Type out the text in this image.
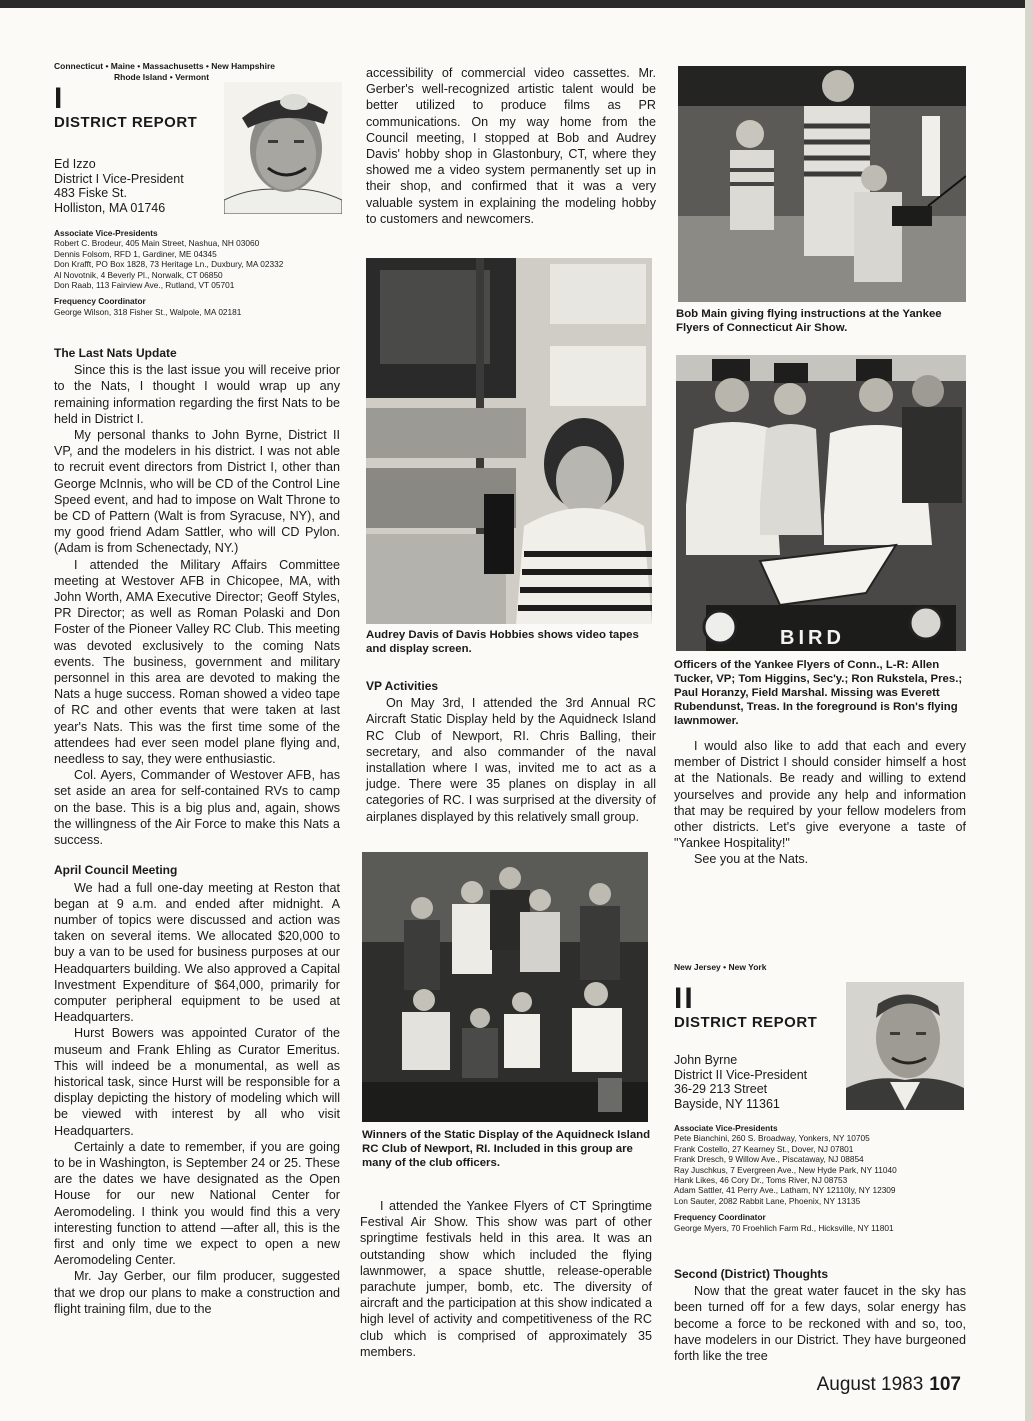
Connecticut • Maine • Massachusetts • New Hampshire
Rhode Island • Vermont
I
DISTRICT REPORT
Ed Izzo
District I Vice-President
483 Fiske St.
Holliston, MA 01746
Associate Vice-Presidents
Robert C. Brodeur, 405 Main Street, Nashua, NH 03060
Dennis Folsom, RFD 1, Gardiner, ME 04345
Don Krafft, PO Box 1828, 73 Heritage Ln., Duxbury, MA 02332
Al Novotnik, 4 Beverly Pl., Norwalk, CT 06850
Don Raab, 113 Fairview Ave., Rutland, VT 05701
Frequency Coordinator
George Wilson, 318 Fisher St., Walpole, MA 02181
The Last Nats Update

Since this is the last issue you will receive prior to the Nats, I thought I would wrap up any remaining information regarding the first Nats to be held in District I.

My personal thanks to John Byrne, District II VP, and the modelers in his district. I was not able to recruit event directors from District I, other than George McInnis, who will be CD of the Control Line Speed event, and had to impose on Walt Throne to be CD of Pattern (Walt is from Syracuse, NY), and my good friend Adam Sattler, who will CD Pylon. (Adam is from Schenectady, NY.)

I attended the Military Affairs Committee meeting at Westover AFB in Chicopee, MA, with John Worth, AMA Executive Director; Geoff Styles, PR Director; as well as Roman Polaski and Don Foster of the Pioneer Valley RC Club. This meeting was devoted exclusively to the coming Nats events. The business, government and military personnel in this area are devoted to making the Nats a huge success. Roman showed a video tape of RC and other events that were taken at last year's Nats. This was the first time some of the attendees had ever seen model plane flying and, needless to say, they were enthusiastic.

Col. Ayers, Commander of Westover AFB, has set aside an area for self-contained RVs to camp on the base. This is a big plus and, again, shows the willingness of the Air Force to make this Nats a success.

April Council Meeting

We had a full one-day meeting at Reston that began at 9 a.m. and ended after midnight. A number of topics were discussed and action was taken on several items. We allocated $20,000 to buy a van to be used for business purposes at our Headquarters building. We also approved a Capital Investment Expenditure of $64,000, primarily for computer peripheral equipment to be used at Headquarters.

Hurst Bowers was appointed Curator of the museum and Frank Ehling as Curator Emeritus. This will indeed be a monumental, as well as historical task, since Hurst will be responsible for a display depicting the history of modeling which will be viewed with interest by all who visit Headquarters.

Certainly a date to remember, if you are going to be in Washington, is September 24 or 25. These are the dates we have designated as the Open House for our new National Center for Aeromodeling. I think you would find this a very interesting function to attend —after all, this is the first and only time we expect to open a new Aeromodeling Center.

Mr. Jay Gerber, our film producer, suggested that we drop our plans to make a construction and flight training film, due to the

accessibility of commercial video cassettes. Mr. Gerber's well-recognized artistic talent would be better utilized to produce films as PR communications. On my way home from the Council meeting, I stopped at Bob and Audrey Davis' hobby shop in Glastonbury, CT, where they showed me a video system permanently set up in their shop, and confirmed that it was a very valuable system in explaining the modeling hobby to customers and newcomers.

Audrey Davis of Davis Hobbies shows video tapes and display screen.
VP Activities

On May 3rd, I attended the 3rd Annual RC Aircraft Static Display held by the Aquidneck Island RC Club of Newport, RI. Chris Balling, their secretary, and also commander of the naval installation where I was, invited me to act as a judge. There were 35 planes on display in all categories of RC. I was surprised at the diversity of airplanes displayed by this relatively small group.

Winners of the Static Display of the Aquidneck Island RC Club of Newport, RI. Included in this group are many of the club officers.

I attended the Yankee Flyers of CT Springtime Festival Air Show. This show was part of other springtime festivals held in this area. It was an outstanding show which included the flying lawnmower, a space shuttle, release-operable parachute jumper, bomb, etc. The diversity of aircraft and the participation at this show indicated a high level of activity and competitiveness of the RC club which is comprised of approximately 35 members.

Bob Main giving flying instructions at the Yankee Flyers of Connecticut Air Show.
BIRD
Officers of the Yankee Flyers of Conn., L-R: Allen Tucker, VP; Tom Higgins, Sec'y.; Ron Rukstela, Pres.; Paul Horanzy, Field Marshal. Missing was Everett Rubendunst, Treas. In the foreground is Ron's flying lawnmower.

I would also like to add that each and every member of District I should consider himself a host at the Nationals. Be ready and willing to extend yourselves and provide any help and information that may be required by your fellow modelers from other districts. Let's give everyone a taste of "Yankee Hospitality!"

See you at the Nats.

New Jersey • New York
II
DISTRICT REPORT
John Byrne
District II Vice-President
36-29 213 Street
Bayside, NY 11361
Associate Vice-Presidents
Pete Bianchini, 260 S. Broadway, Yonkers, NY 10705
Frank Costello, 27 Kearney St., Dover, NJ 07801
Frank Dresch, 9 Willow Ave., Piscataway, NJ 08854
Ray Juschkus, 7 Evergreen Ave., New Hyde Park, NY 11040
Hank Likes, 46 Cory Dr., Toms River, NJ 08753
Adam Sattler, 41 Perry Ave., Latham, NY 12110ly, NY 12309
Lon Sauter, 2082 Rabbit Lane, Phoenix, NY 13135
Frequency Coordinator
George Myers, 70 Froehlich Farm Rd., Hicksville, NY 11801
Second (District) Thoughts

Now that the great water faucet in the sky has been turned off for a few days, solar energy has become a force to be reckoned with and so, too, have modelers in our District. They have burgeoned forth like the tree

August 1983 107
